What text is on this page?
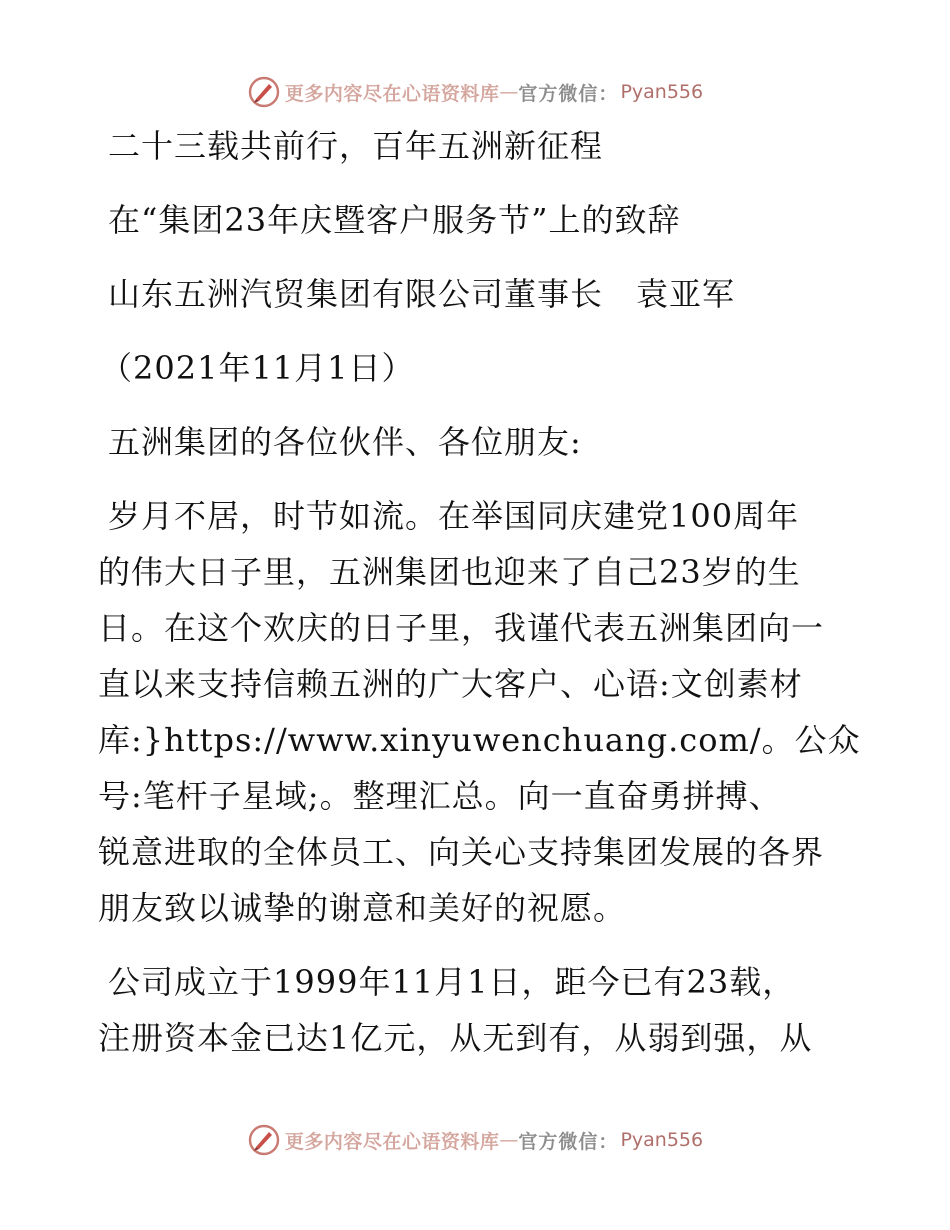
更多内容尽在心语资料库 — 官方微信： Pyan556
二十三载共前行，百年五洲新征程
在“集团23年庆暨客户服务节”上的致辞
山东五洲汽贸集团有限公司董事长　袁亚军
（2021年11月1日）
五洲集团的各位伙伴、各位朋友:
岁月不居，时节如流。在举国同庆建党100周年
的伟大日子里，五洲集团也迎来了自己23岁的生
日。在这个欢庆的日子里，我谨代表五洲集团向一
直以来支持信赖五洲的广大客户、心语:文创素材
库:}https://www.xinyuwenchuang.com/。公众
号:笔杆子星域;。整理汇总。向一直奋勇拼搏、
锐意进取的全体员工、向关心支持集团发展的各界
朋友致以诚挚的谢意和美好的祝愿。
公司成立于1999年11月1日，距今已有23载，
注册资本金已达1亿元，从无到有，从弱到强，从
更多内容尽在心语资料库 — 官方微信： Pyan556
